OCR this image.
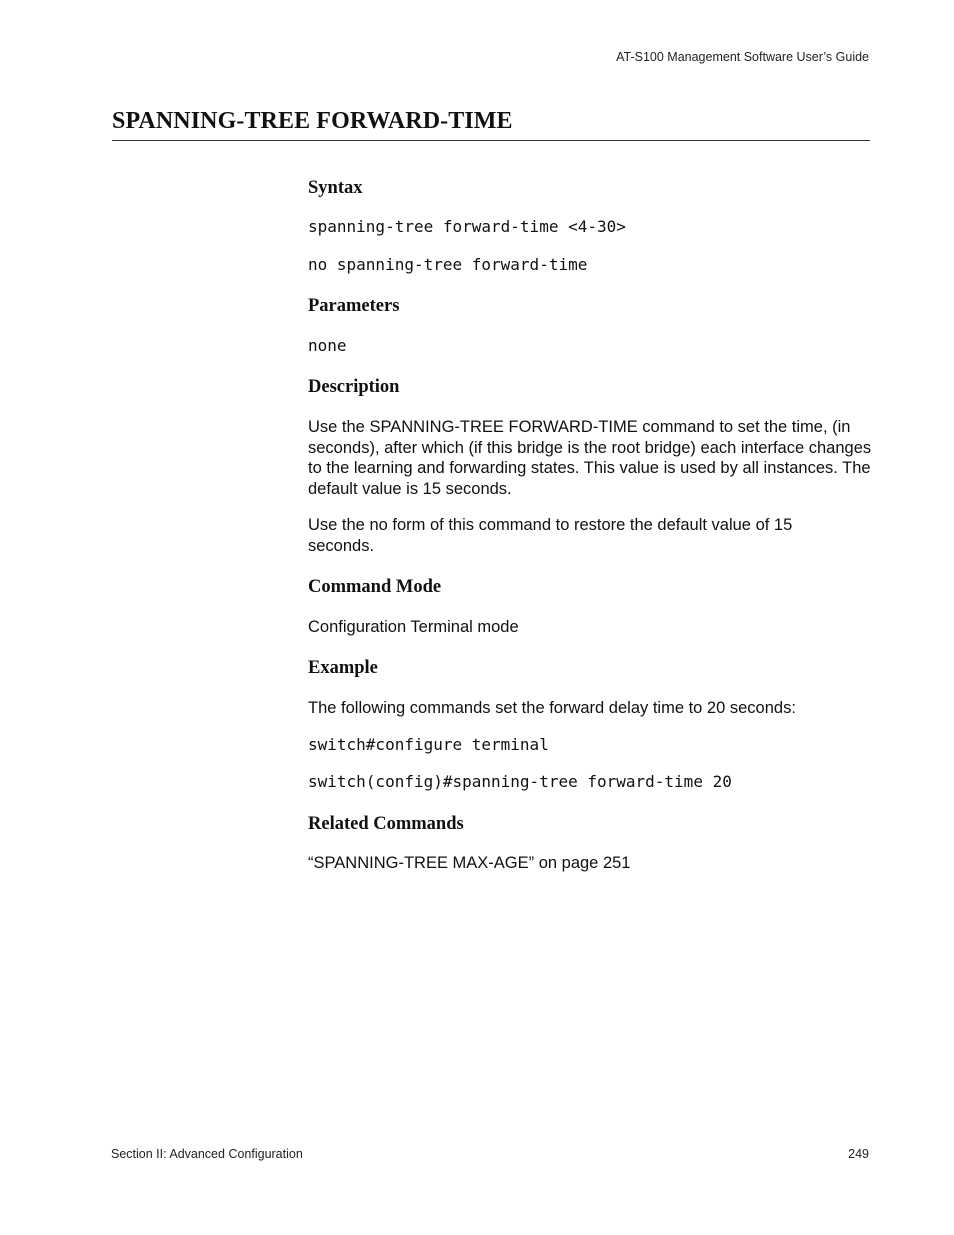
AT-S100 Management Software User’s Guide
SPANNING-TREE FORWARD-TIME
Syntax
spanning-tree forward-time <4-30>
no spanning-tree forward-time
Parameters
none
Description

Use the SPANNING-TREE FORWARD-TIME command to set the time, (in seconds), after which (if this bridge is the root bridge) each interface changes to the learning and forwarding states. This value is used by all instances. The default value is 15 seconds.

Use the no form of this command to restore the default value of 15 seconds.

Command Mode

Configuration Terminal mode

Example

The following commands set the forward delay time to 20 seconds:

switch#configure terminal
switch(config)#spanning-tree forward-time 20
Related Commands

“SPANNING-TREE MAX-AGE” on page 251

Section II: Advanced Configuration	249
